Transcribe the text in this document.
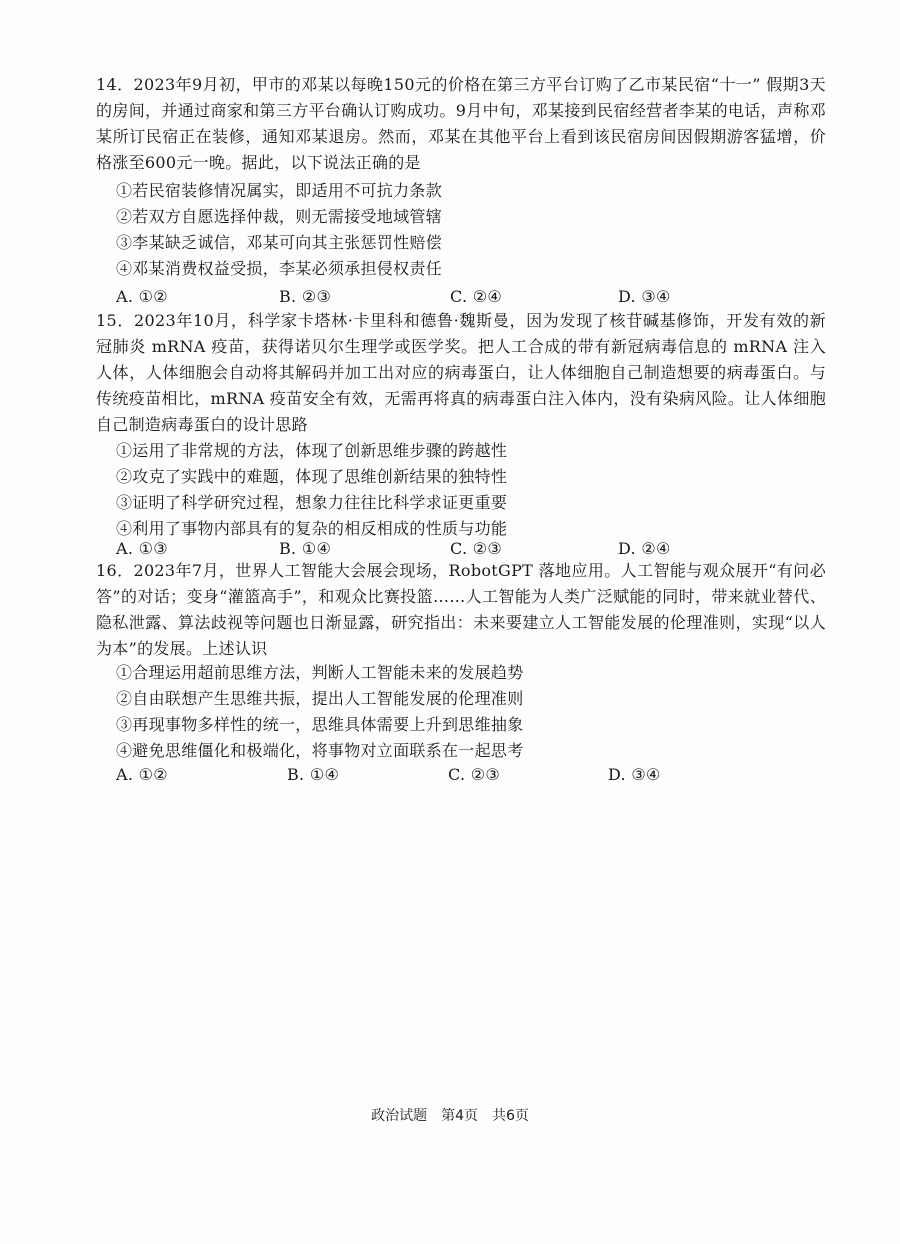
14．2023年9月初，甲市的邓某以每晚150元的价格在第三方平台订购了乙市某民宿“十一” 假期3天的房间，并通过商家和第三方平台确认订购成功。9月中旬，邓某接到民宿经营者李某的电话，声称邓某所订民宿正在装修，通知邓某退房。然而，邓某在其他平台上看到该民宿房间因假期游客猛增，价格涨至600元一晚。据此，以下说法正确的是

①若民宿装修情况属实，即适用不可抗力条款

②若双方自愿选择仲裁，则无需接受地域管辖

③李某缺乏诚信，邓某可向其主张惩罚性赔偿

④邓某消费权益受损，李某必须承担侵权责任

A. ①②	B. ②③	C. ②④	D. ③④

15．2023年10月，科学家卡塔林·卡里科和德鲁·魏斯曼，因为发现了核苷碱基修饰，开发有效的新冠肺炎 mRNA 疫苗，获得诺贝尔生理学或医学奖。把人工合成的带有新冠病毒信息的 mRNA 注入人体，人体细胞会自动将其解码并加工出对应的病毒蛋白，让人体细胞自己制造想要的病毒蛋白。与传统疫苗相比，mRNA 疫苗安全有效，无需再将真的病毒蛋白注入体内，没有染病风险。让人体细胞自己制造病毒蛋白的设计思路

①运用了非常规的方法，体现了创新思维步骤的跨越性

②攻克了实践中的难题，体现了思维创新结果的独特性

③证明了科学研究过程，想象力往往比科学求证更重要

④利用了事物内部具有的复杂的相反相成的性质与功能

A. ①③	B. ①④	C. ②③	D. ②④

16．2023年7月，世界人工智能大会展会现场，RobotGPT 落地应用。人工智能与观众展开“有问必答”的对话；变身“灌篮高手”，和观众比赛投篮……人工智能为人类广泛赋能的同时，带来就业替代、隐私泄露、算法歧视等问题也日渐显露，研究指出：未来要建立人工智能发展的伦理准则，实现“以人为本”的发展。上述认识

①合理运用超前思维方法，判断人工智能未来的发展趋势

②自由联想产生思维共振，提出人工智能发展的伦理准则

③再现事物多样性的统一，思维具体需要上升到思维抽象

④避免思维僵化和极端化，将事物对立面联系在一起思考

A. ①②	B. ①④	C. ②③	D. ③④
政治试题　第4页　共6页
